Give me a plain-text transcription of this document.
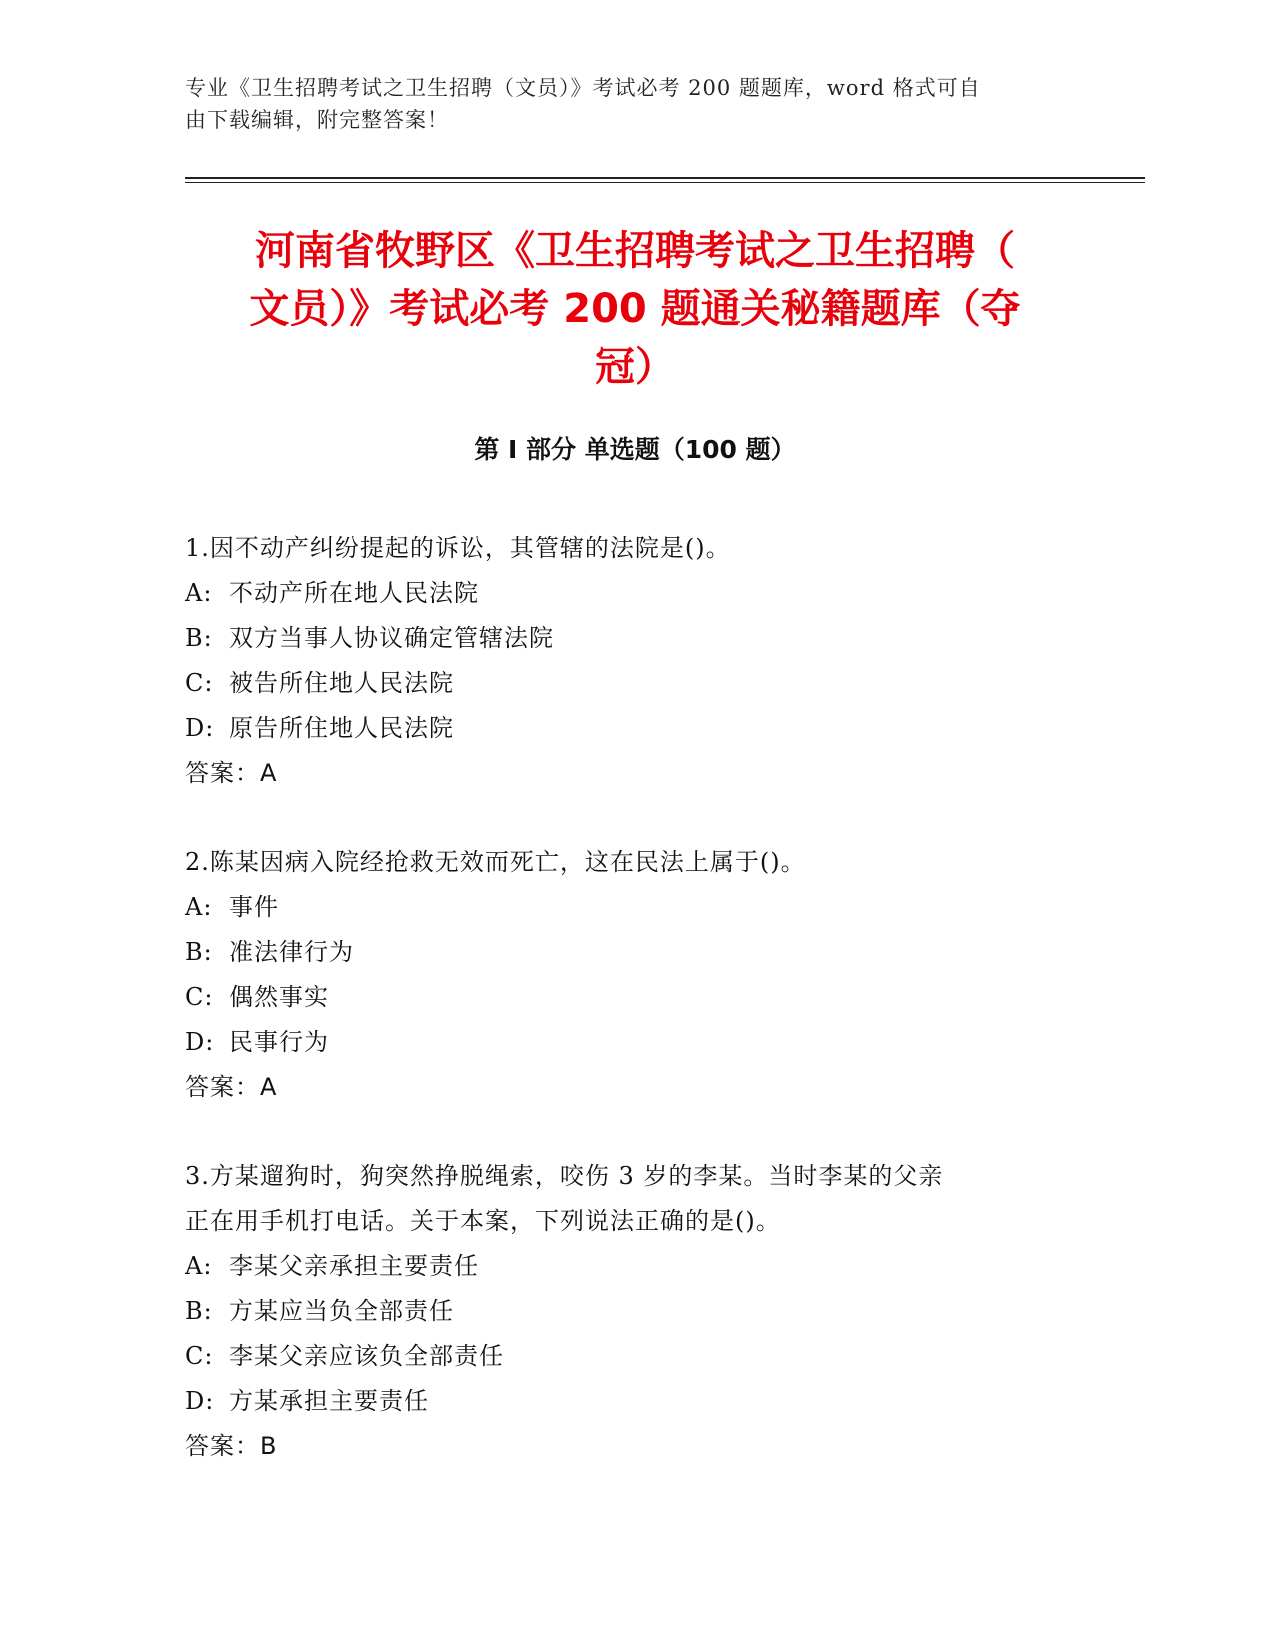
专业《卫生招聘考试之卫生招聘（文员）》考试必考 200 题题库，word 格式可自
由下载编辑，附完整答案！
河南省牧野区《卫生招聘考试之卫生招聘（
文员）》考试必考 200 题通关秘籍题库（夺
冠）
第 I 部分 单选题（100 题）

1.因不动产纠纷提起的诉讼，其管辖的法院是()。

A: 不动产所在地人民法院

B: 双方当事人协议确定管辖法院

C: 被告所住地人民法院

D: 原告所住地人民法院

答案：A

2.陈某因病入院经抢救无效而死亡，这在民法上属于()。

A: 事件

B: 准法律行为

C: 偶然事实

D: 民事行为

答案：A

3.方某遛狗时，狗突然挣脱绳索，咬伤 3 岁的李某。当时李某的父亲

正在用手机打电话。关于本案，下列说法正确的是()。

A: 李某父亲承担主要责任

B: 方某应当负全部责任

C: 李某父亲应该负全部责任

D: 方某承担主要责任

答案：B
